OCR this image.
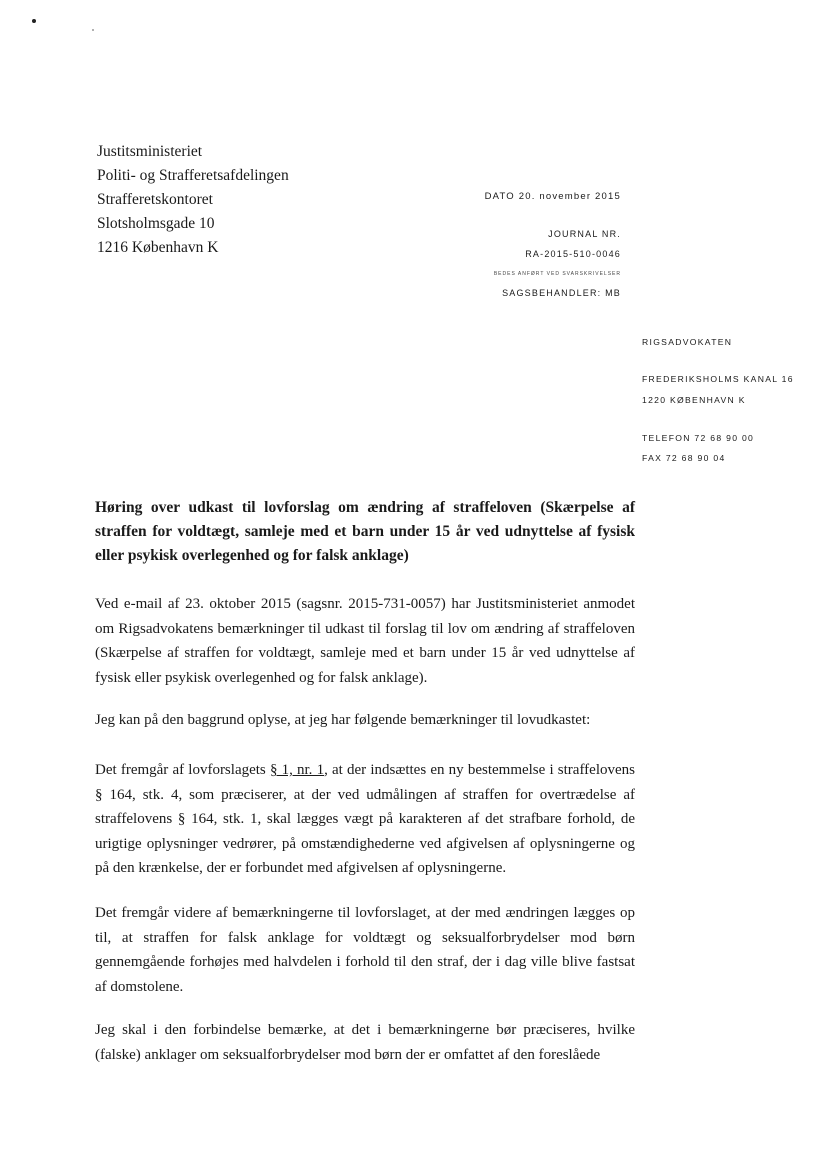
Justitsministeriet
Politi- og Strafferetsafdelingen
Strafferetskontoret
Slotsholmsgade 10
1216 København K
DATO 20. november 2015
JOURNAL NR.
RA-2015-510-0046
BEDES ANFØRT VED SVARSKRIVELSER
SAGSBEHANDLER: MB
RIGSADVOKATEN
FREDERIKSHOLMS KANAL 16
1220 KØBENHAVN K
TELEFON 72 68 90 00
FAX 72 68 90 04
Høring over udkast til lovforslag om ændring af straffeloven (Skærpelse af straffen for voldtægt, samleje med et barn under 15 år ved udnyttelse af fysisk eller psykisk overlegenhed og for falsk anklage)
Ved e-mail af 23. oktober 2015 (sagsnr. 2015-731-0057) har Justitsministeriet anmodet om Rigsadvokatens bemærkninger til udkast til forslag til lov om ændring af straffeloven (Skærpelse af straffen for voldtægt, samleje med et barn under 15 år ved udnyttelse af fysisk eller psykisk overlegenhed og for falsk anklage).
Jeg kan på den baggrund oplyse, at jeg har følgende bemærkninger til lovudkastet:
Det fremgår af lovforslagets § 1, nr. 1, at der indsættes en ny bestemmelse i straffelovens § 164, stk. 4, som præciserer, at der ved udmålingen af straffen for overtrædelse af straffelovens § 164, stk. 1, skal lægges vægt på karakteren af det strafbare forhold, de urigtige oplysninger vedrører, på omstændighederne ved afgivelsen af oplysningerne og på den krænkelse, der er forbundet med afgivelsen af oplysningerne.
Det fremgår videre af bemærkningerne til lovforslaget, at der med ændringen lægges op til, at straffen for falsk anklage for voldtægt og seksualforbrydelser mod børn gennemgående forhøjes med halvdelen i forhold til den straf, der i dag ville blive fastsat af domstolene.
Jeg skal i den forbindelse bemærke, at det i bemærkningerne bør præciseres, hvilke (falske) anklager om seksualforbrydelser mod børn der er omfattet af den foreslåede
